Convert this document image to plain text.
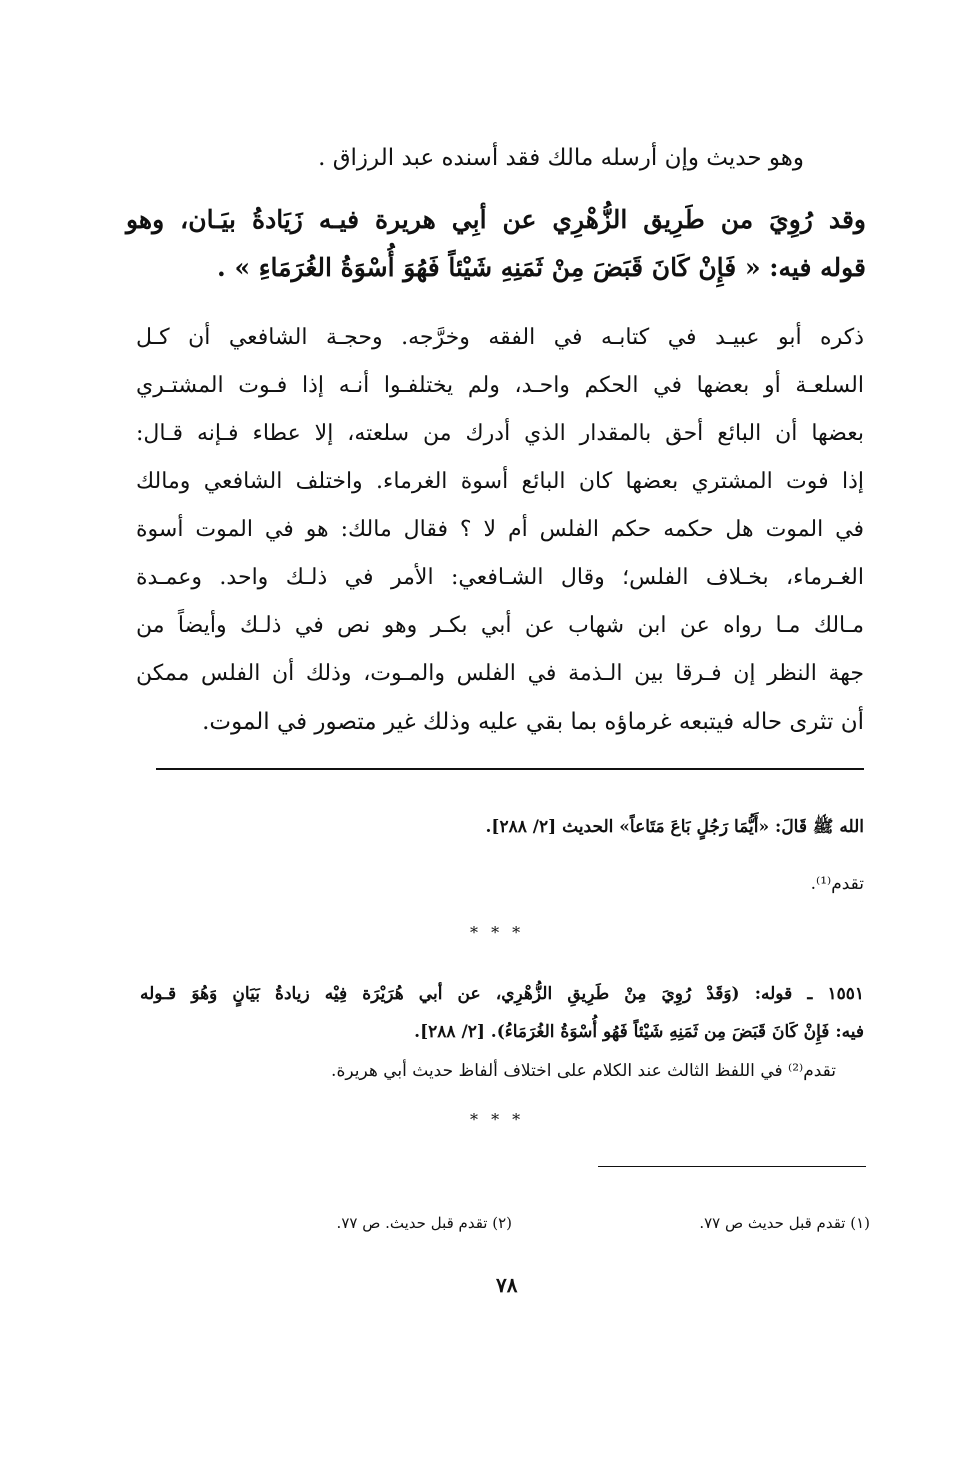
وهو حديث وإن أرسله مالك فقد أسنده عبد الرزاق .
وقد رُوِيَ من طَرِيق الزُّهْرِي عن أبِي هريرة فيـه زَيَادةُ بيَـان، وهو
قوله فيه: « فَإِنْ كَانَ قَبَضَ مِنْ ثَمَنِهِ شَيْئاً فَهُوَ أُسْوَةُ الغُرَمَاءِ » .
ذكره أبو عبيـد في كتابـه في الفقه وخرَّجه. وحجـة الشافعي أن كـل
السلعـة أو بعضها في الحكم واحـد، ولم يختلفـوا أنـه إذا فـوت المشتـري
بعضها أن البائع أحق بالمقدار الذي أدرك من سلعته، إلا عطاء فـإنه قـال:
إذا فوت المشتري بعضها كان البائع أسوة الغرماء. واختلف الشافعي ومالك
في الموت هل حكمه حكم الفلس أم لا ؟ فقال مالك: هو في الموت أسوة
الغـرماء، بخـلاف الفلس؛ وقال الشـافعي: الأمر في ذلـك واحد. وعمـدة
مـالك مـا رواه عن ابن شهاب عن أبي بكـر وهو نص في ذلـك وأيضاً من
جهة النظر إن فـرقا بين الـذمة في الفلس والمـوت، وذلك أن الفلس ممكن
أن تثرى حاله فيتبعه غرماؤه بما بقي عليه وذلك غير متصور في الموت.
الله ﷺ قَالَ: «أَيُّمَا رَجُلٍ بَاعَ مَتَاعاً» الحديث [٢/ ٢٨٨].
تقدم⁽¹⁾.
* * *
١٥٥١ ـ قوله: (وَقَدْ رُوِيَ مِنْ طَرِيقِ الزُّهْرِي، عن أبي هُرَيْرَة فِيْه زيادةُ بَيَانٍ وَهُوَ قـوله
فيه: فَإِنْ كَانَ قَبَضَ مِن ثَمَنِهِ شَيْئاً فَهُو أُسْوَةُ الغُرَمَاءُ). [٢/ ٢٨٨].
تقدم⁽²⁾ في اللفظ الثالث عند الكلام على اختلاف ألفاظ حديث أبي هريرة.
* * *
(١) تقدم قبل حديث ص ٧٧.
(٢) تقدم قبل حديث. ص ٧٧.
٧٨
